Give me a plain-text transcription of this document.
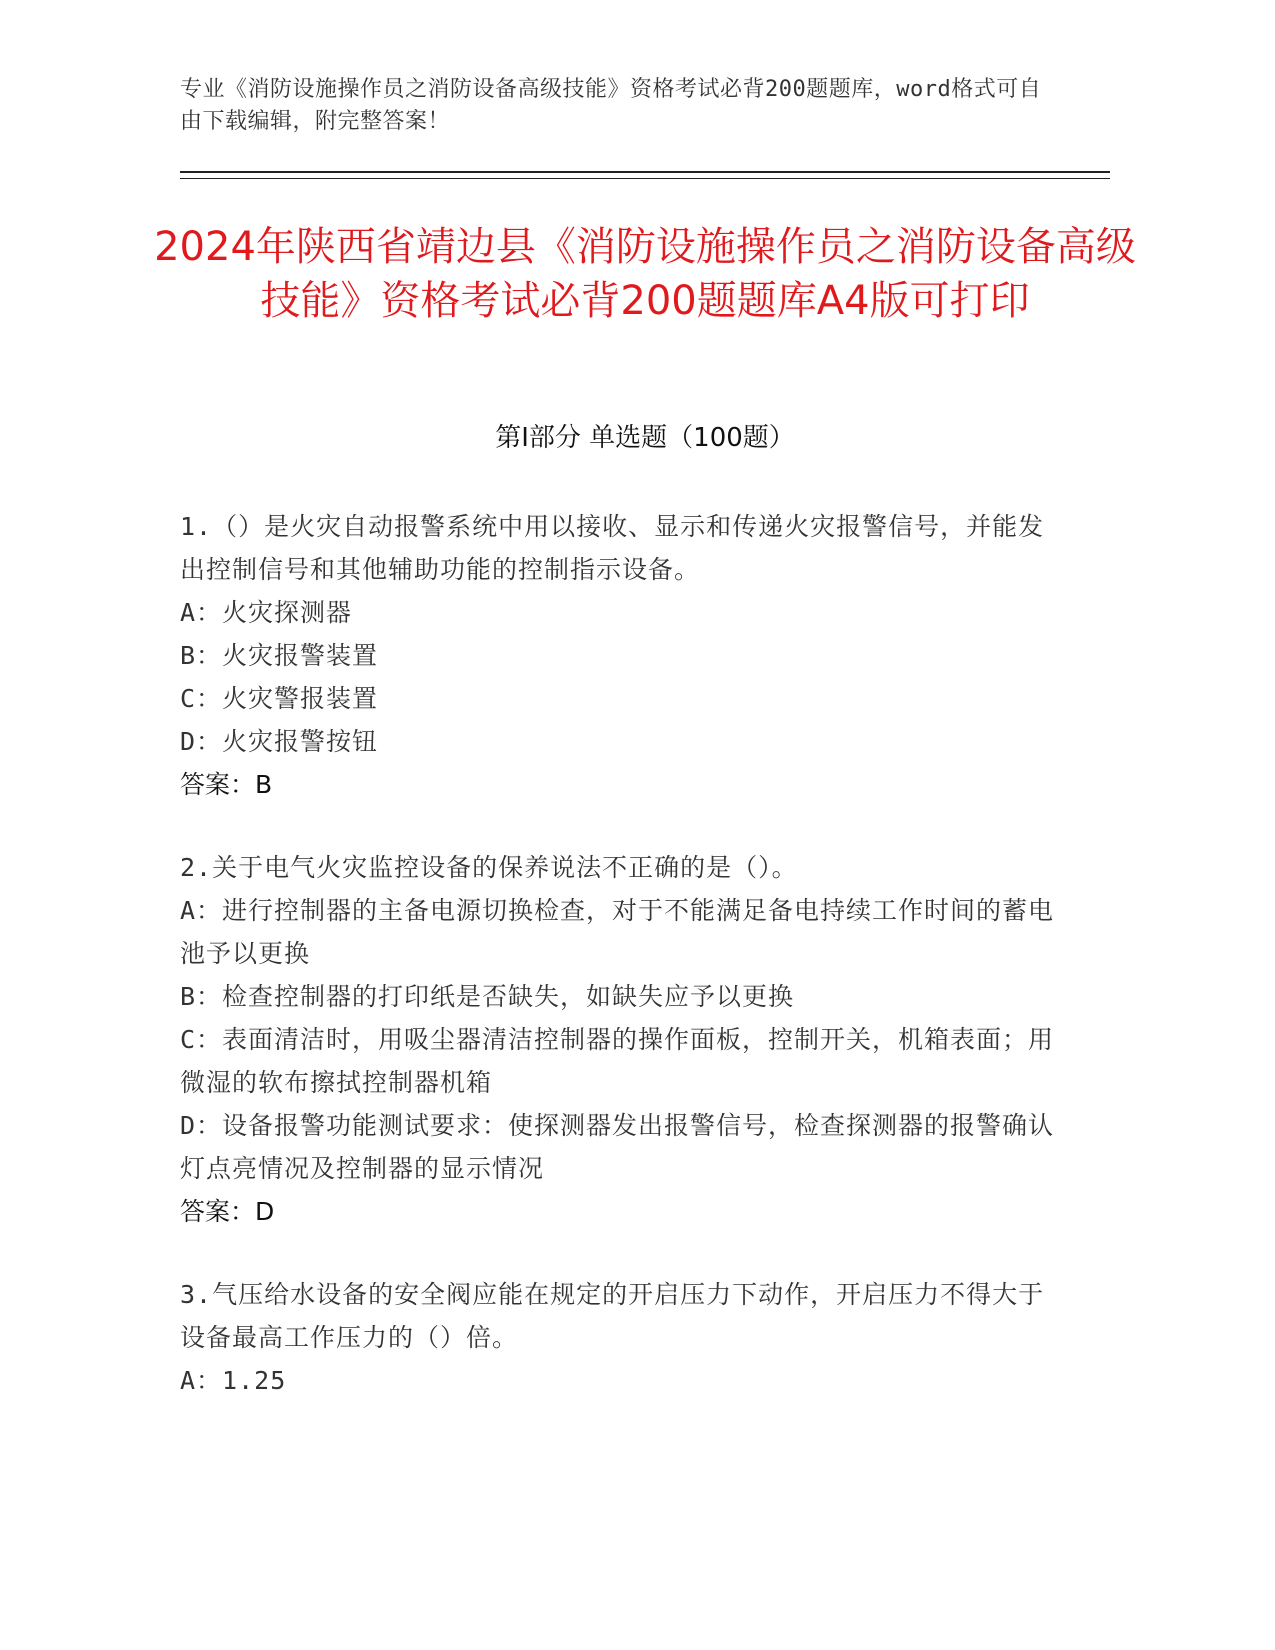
专业《消防设施操作员之消防设备高级技能》资格考试必背200题题库，word格式可自由下载编辑，附完整答案！
2024年陕西省靖边县《消防设施操作员之消防设备高级技能》资格考试必背200题题库A4版可打印
第Ⅰ部分 单选题（100题）
1.（）是火灾自动报警系统中用以接收、显示和传递火灾报警信号，并能发出控制信号和其他辅助功能的控制指示设备。
A：火灾探测器
B：火灾报警装置
C：火灾警报装置
D：火灾报警按钮
答案：B
2.关于电气火灾监控设备的保养说法不正确的是（）。
A：进行控制器的主备电源切换检查，对于不能满足备电持续工作时间的蓄电池予以更换
B：检查控制器的打印纸是否缺失，如缺失应予以更换
C：表面清洁时，用吸尘器清洁控制器的操作面板，控制开关，机箱表面；用微湿的软布擦拭控制器机箱
D：设备报警功能测试要求：使探测器发出报警信号，检查探测器的报警确认灯点亮情况及控制器的显示情况
答案：D
3.气压给水设备的安全阀应能在规定的开启压力下动作，开启压力不得大于设备最高工作压力的（）倍。
A：1.25
